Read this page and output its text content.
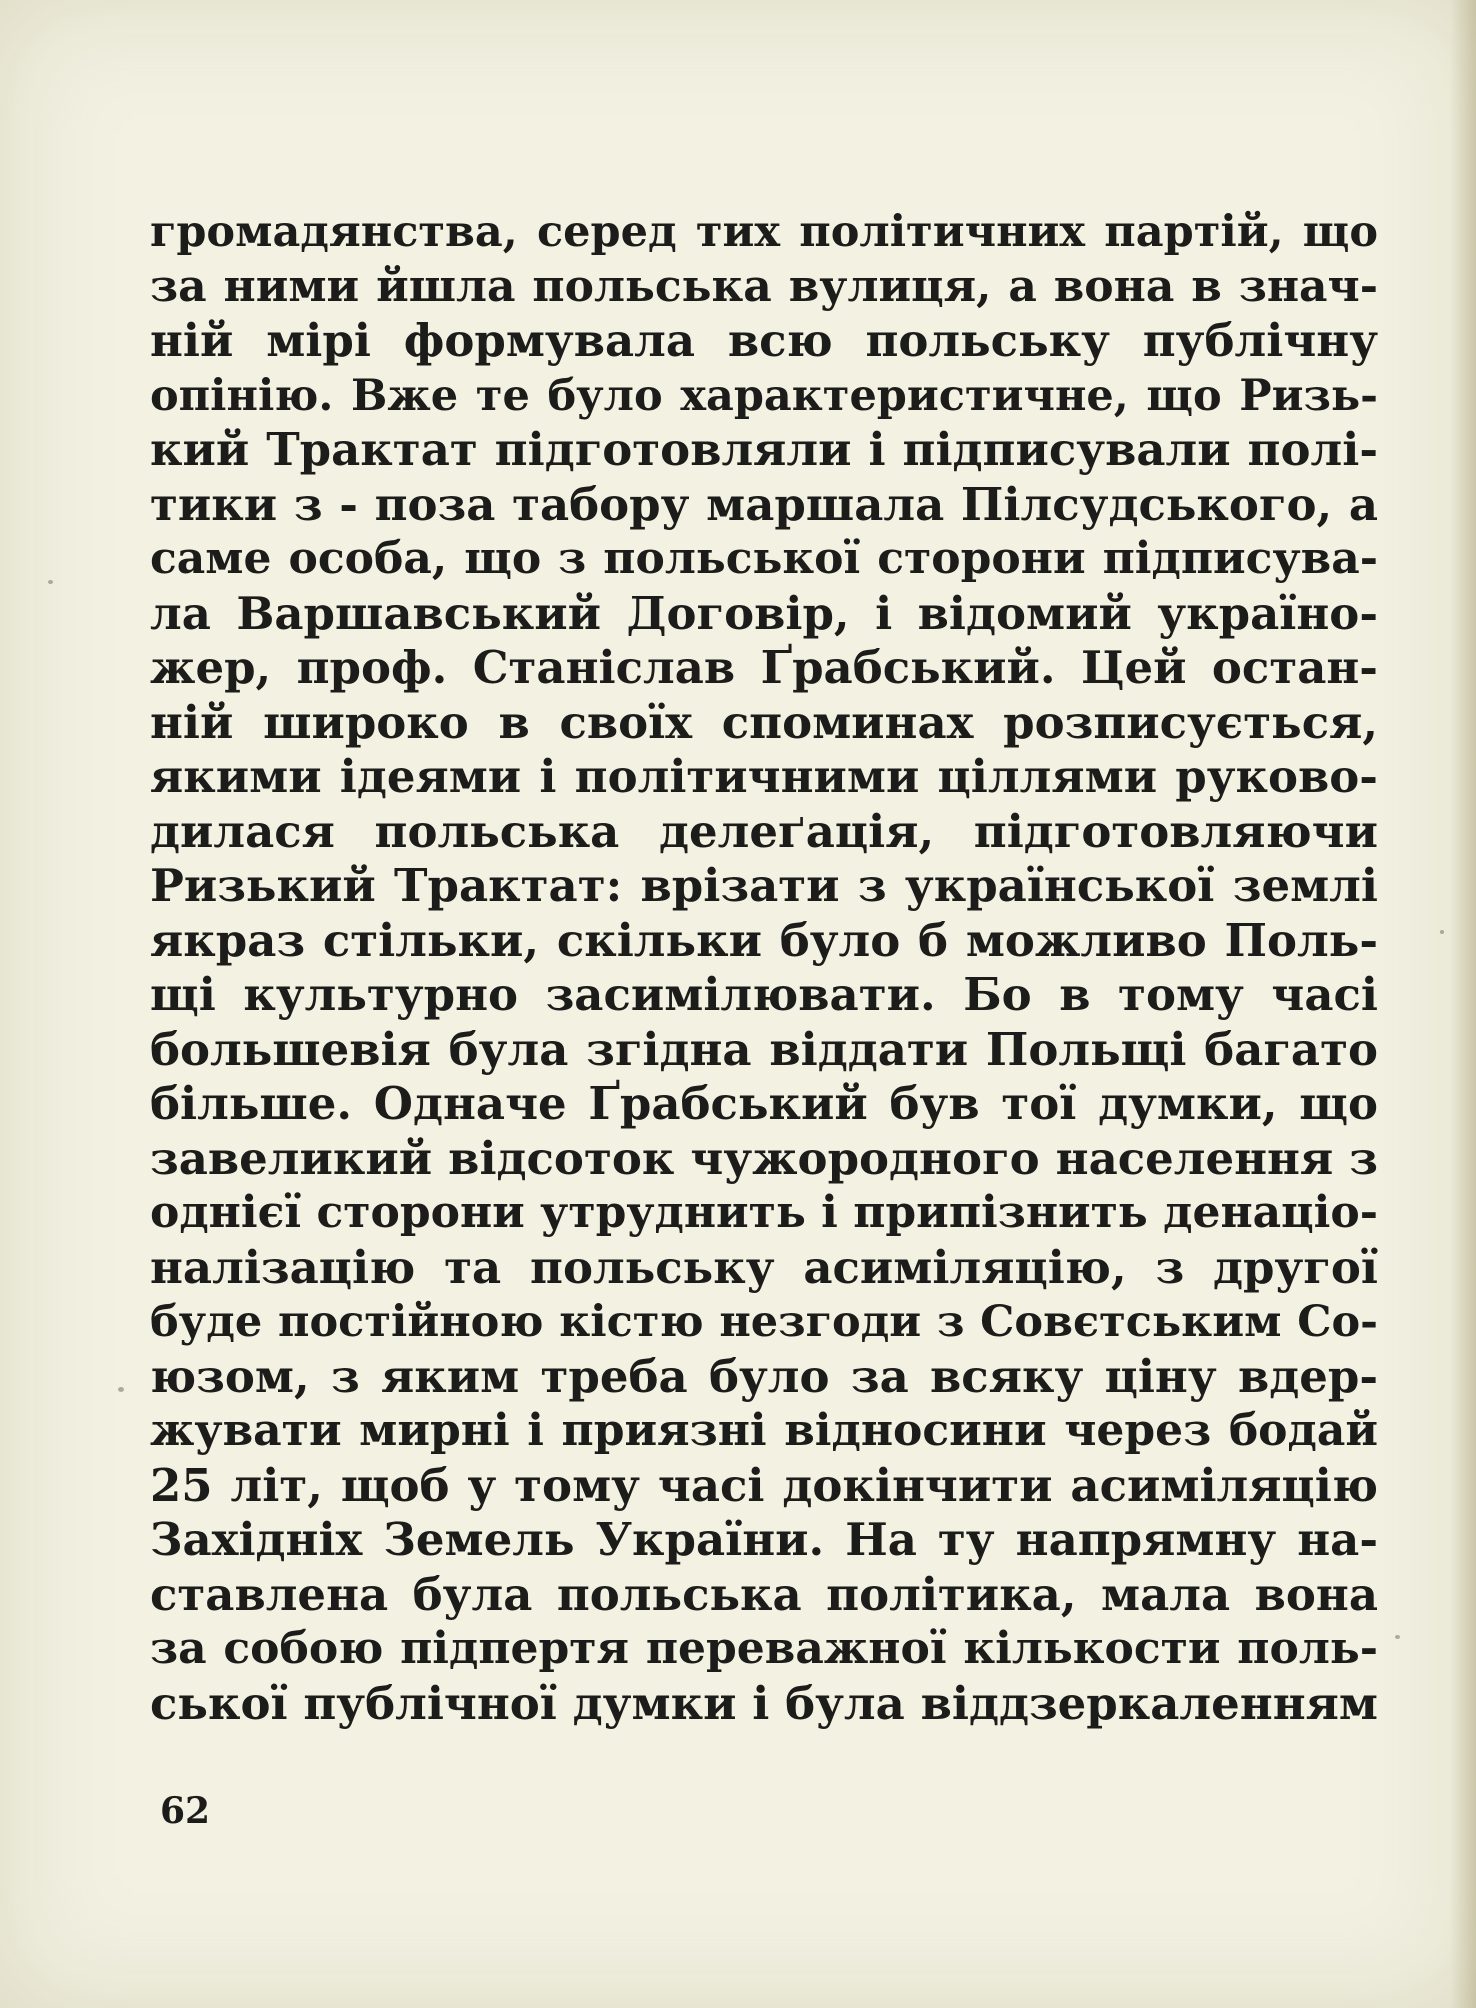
громадянства, серед тих політичних партій, що
за ними йшла польська вулиця, а вона в знач-
ній мірі формувала всю польську публічну
опінію. Вже те було характеристичне, що Ризь-
кий Трактат підготовляли і підписували полі-
тики з - поза табору маршала Пілсудського, а
саме особа, що з польської сторони підписува-
ла Варшавський Договір, і відомий українo-
жер, проф. Станіслав Ґрабський. Цей остан-
ній широко в своїх споминах розписується,
якими ідеями і політичними ціллями руково-
дилася польська делеґація, підготовляючи
Ризький Трактат: врізати з української землі
якраз стільки, скільки було б можливо Поль-
щі культурно засимілювати. Бо в тому часі
большевія була згідна віддати Польщі багато
більше. Одначе Ґрабський був тої думки, що
завеликий відсоток чужородного населення з
однієї сторони утруднить і припізнить денаціо-
налізацію та польську асиміляцію, з другої
буде постійною кістю незгоди з Совєтським Со-
юзом, з яким треба було за всяку ціну вдер-
жувати мирні і приязні відносини через бодай
25 літ, щоб у тому часі докінчити асиміляцію
Західніх Земель України. На ту напрямну на-
ставлена була польська політика, мала вона
за собою підпертя переважної кількости поль-
ської публічної думки і була віддзеркаленням
62
